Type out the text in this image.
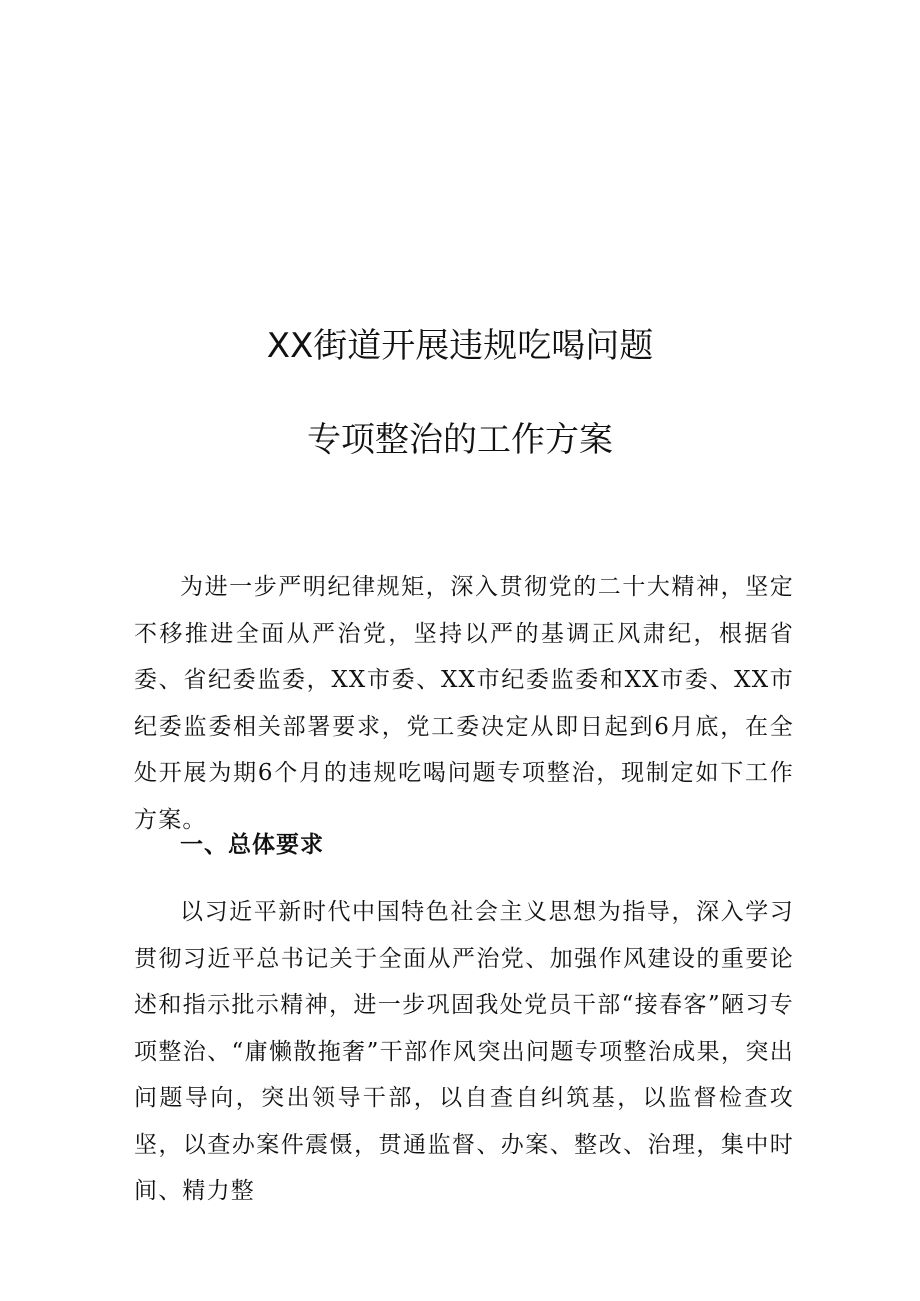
XX街道开展违规吃喝问题
专项整治的工作方案

为进一步严明纪律规矩，深入贯彻党的二十大精神，坚定不移推进全面从严治党，坚持以严的基调正风肃纪，根据省委、省纪委监委，XX市委、XX市纪委监委和XX市委、XX市纪委监委相关部署要求，党工委决定从即日起到6月底，在全处开展为期6个月的违规吃喝问题专项整治，现制定如下工作方案。

一、总体要求

以习近平新时代中国特色社会主义思想为指导，深入学习贯彻习近平总书记关于全面从严治党、加强作风建设的重要论述和指示批示精神，进一步巩固我处党员干部“接春客”陋习专项整治、“庸懒散拖奢”干部作风突出问题专项整治成果，突出问题导向，突出领导干部，以自查自纠筑基，以监督检查攻坚，以查办案件震慑，贯通监督、办案、整改、治理，集中时间、精力整
